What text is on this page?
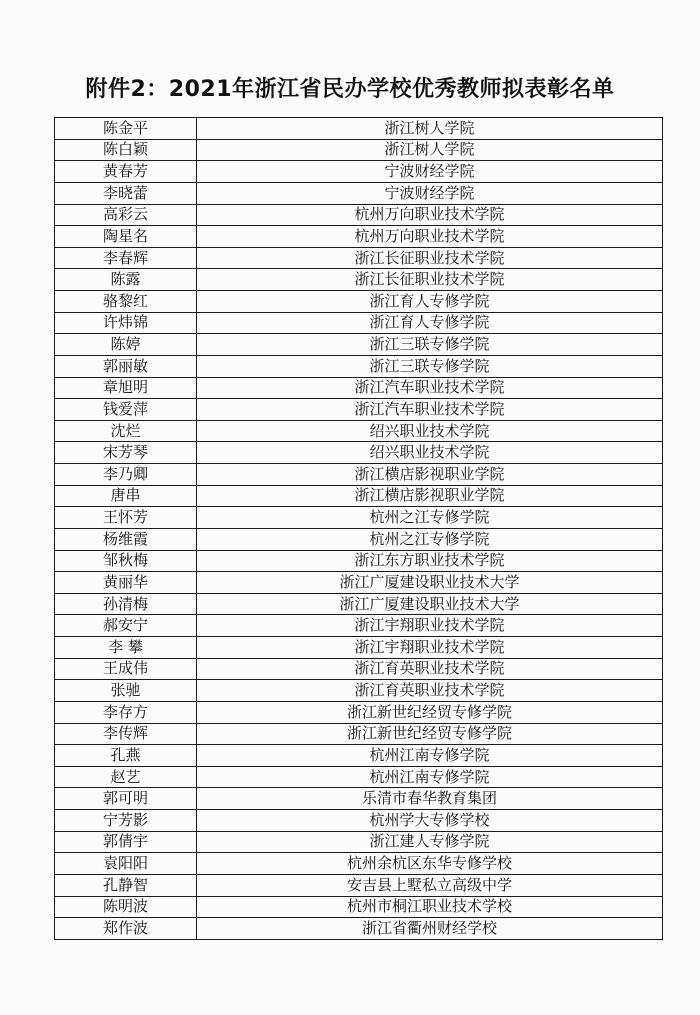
附件2：2021年浙江省民办学校优秀教师拟表彰名单
陈金平	浙江树人学院
陈白颖	浙江树人学院
黄春芳	宁波财经学院
李晓蕾	宁波财经学院
高彩云	杭州万向职业技术学院
陶星名	杭州万向职业技术学院
李春辉	浙江长征职业技术学院
陈露	浙江长征职业技术学院
骆黎红	浙江育人专修学院
许炜锦	浙江育人专修学院
陈婷	浙江三联专修学院
郭丽敏	浙江三联专修学院
章旭明	浙江汽车职业技术学院
钱爱萍	浙江汽车职业技术学院
沈烂	绍兴职业技术学院
宋芳琴	绍兴职业技术学院
李乃卿	浙江横店影视职业学院
唐串	浙江横店影视职业学院
王怀芳	杭州之江专修学院
杨维霞	杭州之江专修学院
邹秋梅	浙江东方职业技术学院
黄丽华	浙江广厦建设职业技术大学
孙清梅	浙江广厦建设职业技术大学
郝安宁	浙江宇翔职业技术学院
李 攀	浙江宇翔职业技术学院
王成伟	浙江育英职业技术学院
张驰	浙江育英职业技术学院
李存方	浙江新世纪经贸专修学院
李传辉	浙江新世纪经贸专修学院
孔燕	杭州江南专修学院
赵艺	杭州江南专修学院
郭可明	乐清市春华教育集团
宁芳影	杭州学大专修学校
郭倩宇	浙江建人专修学院
袁阳阳	杭州余杭区东华专修学校
孔静智	安吉县上墅私立高级中学
陈明波	杭州市桐江职业技术学校
郑作波	浙江省衢州财经学校
